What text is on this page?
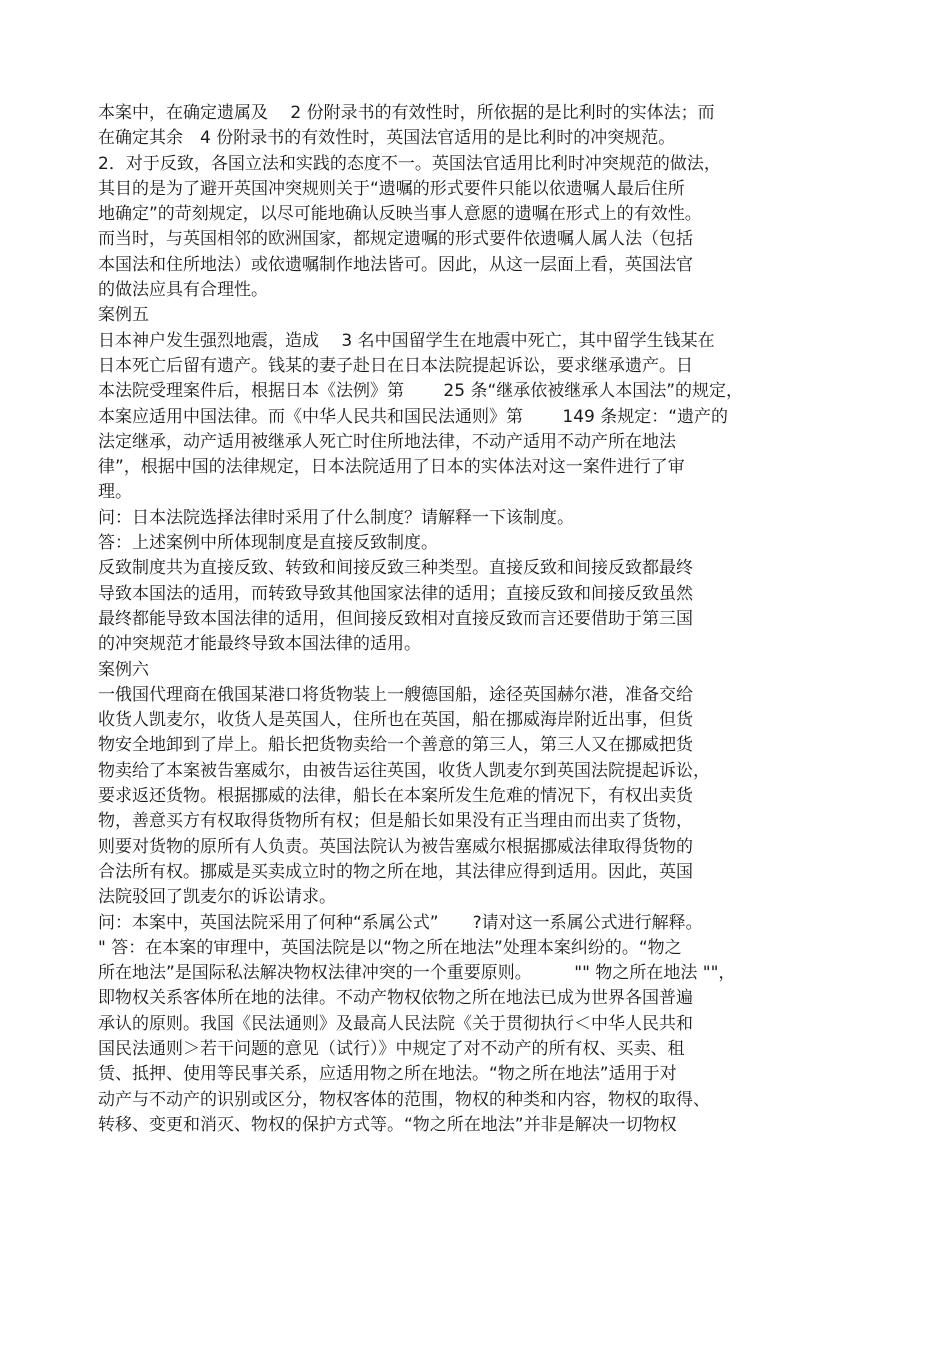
本案中，在确定遗属及　 2 份附录书的有效性时，所依据的是比利时的实体法；而
在确定其余　4 份附录书的有效性时，英国法官适用的是比利时的冲突规范。
2．对于反致，各国立法和实践的态度不一。英国法官适用比利时冲突规范的做法，
其目的是为了避开英国冲突规则关于“遗嘱的形式要件只能以依遗嘱人最后住所
地确定”的苛刻规定，以尽可能地确认反映当事人意愿的遗嘱在形式上的有效性。
而当时，与英国相邻的欧洲国家，都规定遗嘱的形式要件依遗嘱人属人法（包括
本国法和住所地法）或依遗嘱制作地法皆可。因此，从这一层面上看，英国法官
的做法应具有合理性。
案例五
日本神户发生强烈地震，造成　 3 名中国留学生在地震中死亡，其中留学生钱某在
日本死亡后留有遗产。钱某的妻子赴日在日本法院提起诉讼，要求继承遗产。日
本法院受理案件后，根据日本《法例》第　　 25 条“继承依被继承人本国法”的规定，
本案应适用中国法律。而《中华人民共和国民法通则》第　　 149 条规定：“遗产的
法定继承，动产适用被继承人死亡时住所地法律，不动产适用不动产所在地法
律”，根据中国的法律规定，日本法院适用了日本的实体法对这一案件进行了审
理。
问：日本法院选择法律时采用了什么制度？请解释一下该制度。
答：上述案例中所体现制度是直接反致制度。
反致制度共为直接反致、转致和间接反致三种类型。直接反致和间接反致都最终
导致本国法的适用，而转致导致其他国家法律的适用；直接反致和间接反致虽然
最终都能导致本国法律的适用，但间接反致相对直接反致而言还要借助于第三国
的冲突规范才能最终导致本国法律的适用。
案例六
一俄国代理商在俄国某港口将货物装上一艘德国船，途径英国赫尔港，准备交给
收货人凯麦尔，收货人是英国人，住所也在英国，船在挪威海岸附近出事，但货
物安全地卸到了岸上。船长把货物卖给一个善意的第三人，第三人又在挪威把货
物卖给了本案被告塞威尔，由被告运往英国，收货人凯麦尔到英国法院提起诉讼，
要求返还货物。根据挪威的法律，船长在本案所发生危难的情况下，有权出卖货
物，善意买方有权取得货物所有权；但是船长如果没有正当理由而出卖了货物，
则要对货物的原所有人负责。英国法院认为被告塞威尔根据挪威法律取得货物的
合法所有权。挪威是买卖成立时的物之所在地，其法律应得到适用。因此，英国
法院驳回了凯麦尔的诉讼请求。
问：本案中，英国法院采用了何种“系属公式”　　?请对这一系属公式进行解释。
" 答：在本案的审理中，英国法院是以“物之所在地法”处理本案纠纷的。“物之
所在地法”是国际私法解决物权法律冲突的一个重要原则。　　　"" 物之所在地法 ""，
即物权关系客体所在地的法律。不动产物权依物之所在地法已成为世界各国普遍
承认的原则。我国《民法通则》及最高人民法院《关于贯彻执行＜中华人民共和
国民法通则＞若干问题的意见（试行）》中规定了对不动产的所有权、买卖、租
赁、抵押、使用等民事关系，应适用物之所在地法。“物之所在地法”适用于对
动产与不动产的识别或区分，物权客体的范围，物权的种类和内容，物权的取得、
转移、变更和消灭、物权的保护方式等。“物之所在地法”并非是解决一切物权
